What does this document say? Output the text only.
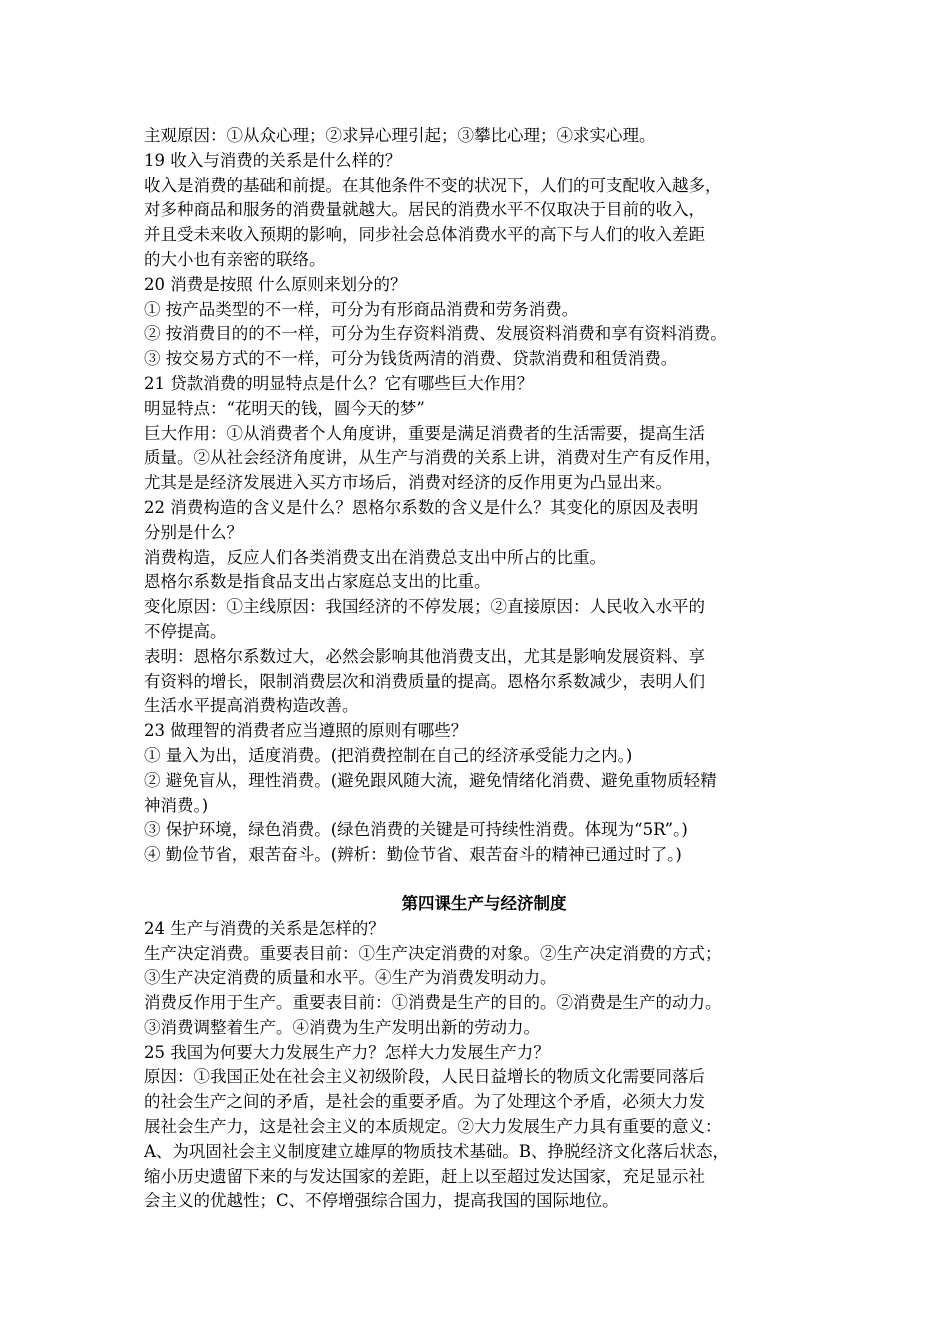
主观原因：①从众心理；②求异心理引起；③攀比心理；④求实心理。
19 收入与消费的关系是什么样的？
收入是消费的基础和前提。在其他条件不变的状况下，人们的可支配收入越多，
对多种商品和服务的消费量就越大。居民的消费水平不仅取决于目前的收入，
并且受未来收入预期的影响，同步社会总体消费水平的高下与人们的收入差距
的大小也有亲密的联络。
20 消费是按照 什么原则来划分的？
① 按产品类型的不一样，可分为有形商品消费和劳务消费。
② 按消费目的的不一样，可分为生存资料消费、发展资料消费和享有资料消费。
③ 按交易方式的不一样，可分为钱货两清的消费、贷款消费和租赁消费。
21 贷款消费的明显特点是什么？它有哪些巨大作用？
明显特点：“花明天的钱，圆今天的梦”
巨大作用：①从消费者个人角度讲，重要是满足消费者的生活需要，提高生活
质量。②从社会经济角度讲，从生产与消费的关系上讲，消费对生产有反作用，
尤其是是经济发展进入买方市场后，消费对经济的反作用更为凸显出来。
22 消费构造的含义是什么？恩格尔系数的含义是什么？其变化的原因及表明
分别是什么？
消费构造，反应人们各类消费支出在消费总支出中所占的比重。
恩格尔系数是指食品支出占家庭总支出的比重。
变化原因：①主线原因：我国经济的不停发展；②直接原因：人民收入水平的
不停提高。
表明：恩格尔系数过大，必然会影响其他消费支出，尤其是影响发展资料、享
有资料的增长，限制消费层次和消费质量的提高。恩格尔系数减少，表明人们
生活水平提高消费构造改善。
23 做理智的消费者应当遵照的原则有哪些？
① 量入为出，适度消费。(把消费控制在自己的经济承受能力之内。)
② 避免盲从，理性消费。(避免跟风随大流，避免情绪化消费、避免重物质轻精
神消费。)
③ 保护环境，绿色消费。(绿色消费的关键是可持续性消费。体现为“5R”。)
④ 勤俭节省，艰苦奋斗。(辨析：勤俭节省、艰苦奋斗的精神已通过时了。)
第四课生产与经济制度
24 生产与消费的关系是怎样的？
生产决定消费。重要表目前：①生产决定消费的对象。②生产决定消费的方式；
③生产决定消费的质量和水平。④生产为消费发明动力。
消费反作用于生产。重要表目前：①消费是生产的目的。②消费是生产的动力。
③消费调整着生产。④消费为生产发明出新的劳动力。
25 我国为何要大力发展生产力？怎样大力发展生产力？
原因：①我国正处在社会主义初级阶段，人民日益增长的物质文化需要同落后
的社会生产之间的矛盾，是社会的重要矛盾。为了处理这个矛盾，必须大力发
展社会生产力，这是社会主义的本质规定。②大力发展生产力具有重要的意义：
A、为巩固社会主义制度建立雄厚的物质技术基础。B、挣脱经济文化落后状态，
缩小历史遗留下来的与发达国家的差距，赶上以至超过发达国家，充足显示社
会主义的优越性；C、不停增强综合国力，提高我国的国际地位。
